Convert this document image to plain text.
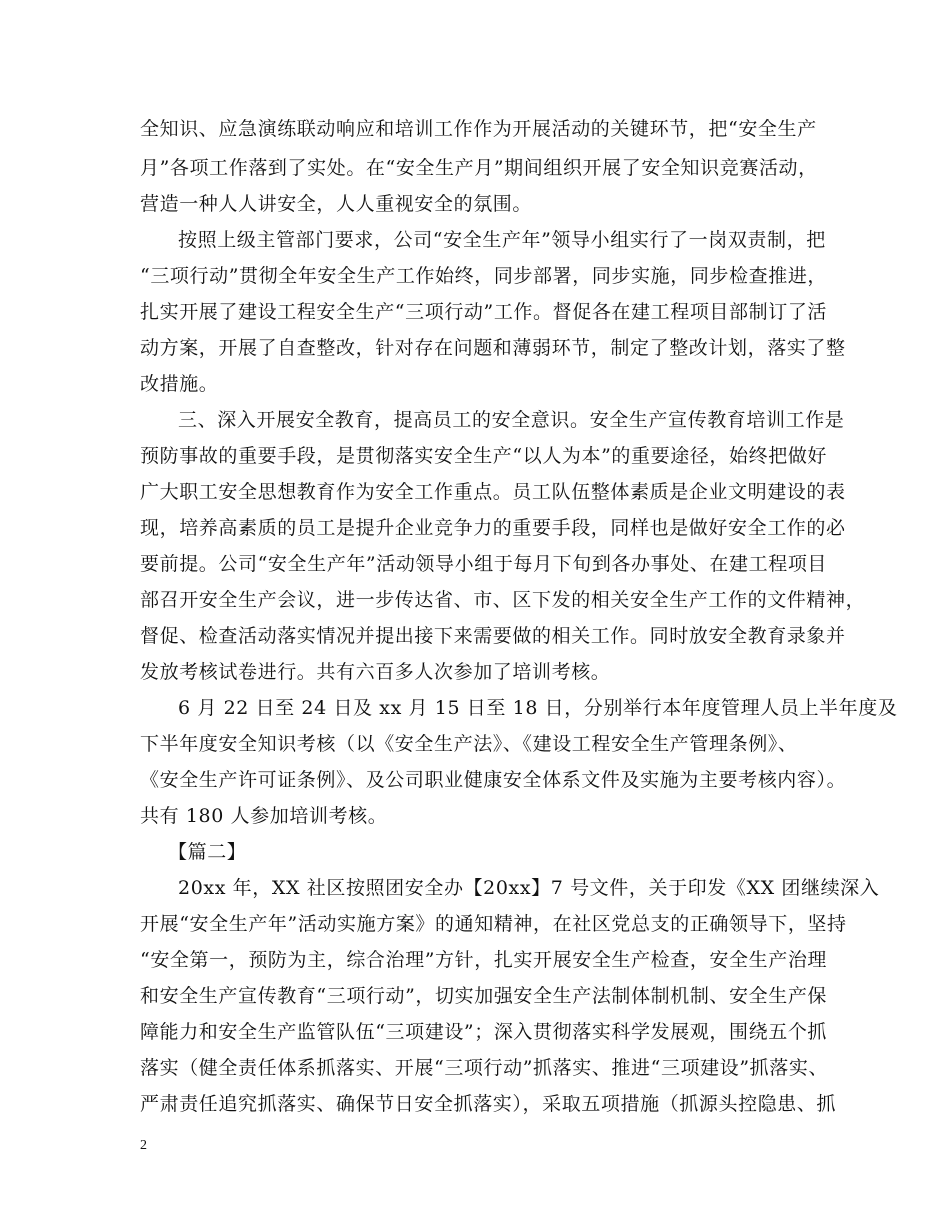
全知识、应急演练联动响应和培训工作作为开展活动的关键环节，把“安全生产
月”各项工作落到了实处。在“安全生产月”期间组织开展了安全知识竞赛活动，
营造一种人人讲安全，人人重视安全的氛围。
按照上级主管部门要求，公司“安全生产年”领导小组实行了一岗双责制，把
“三项行动”贯彻全年安全生产工作始终，同步部署，同步实施，同步检查推进，
扎实开展了建设工程安全生产“三项行动”工作。督促各在建工程项目部制订了活
动方案，开展了自查整改，针对存在问题和薄弱环节，制定了整改计划，落实了整
改措施。
三、深入开展安全教育，提高员工的安全意识。安全生产宣传教育培训工作是
预防事故的重要手段，是贯彻落实安全生产“以人为本”的重要途径，始终把做好
广大职工安全思想教育作为安全工作重点。员工队伍整体素质是企业文明建设的表
现，培养高素质的员工是提升企业竞争力的重要手段，同样也是做好安全工作的必
要前提。公司“安全生产年”活动领导小组于每月下旬到各办事处、在建工程项目
部召开安全生产会议，进一步传达省、市、区下发的相关安全生产工作的文件精神，
督促、检查活动落实情况并提出接下来需要做的相关工作。同时放安全教育录象并
发放考核试卷进行。共有六百多人次参加了培训考核。
6 月 22 日至 24 日及 xx 月 15 日至 18 日，分别举行本年度管理人员上半年度及
下半年度安全知识考核（以《安全生产法》、《建设工程安全生产管理条例》、
《安全生产许可证条例》、及公司职业健康安全体系文件及实施为主要考核内容）。
共有 180 人参加培训考核。
【篇二】
20xx 年，XX 社区按照团安全办【20xx】7 号文件，关于印发《XX 团继续深入
开展“安全生产年”活动实施方案》的通知精神，在社区党总支的正确领导下，坚持
“安全第一，预防为主，综合治理”方针，扎实开展安全生产检查，安全生产治理
和安全生产宣传教育“三项行动”，切实加强安全生产法制体制机制、安全生产保
障能力和安全生产监管队伍“三项建设”；深入贯彻落实科学发展观，围绕五个抓
落实（健全责任体系抓落实、开展“三项行动”抓落实、推进“三项建设”抓落实、
严肃责任追究抓落实、确保节日安全抓落实），采取五项措施（抓源头控隐患、抓
2
